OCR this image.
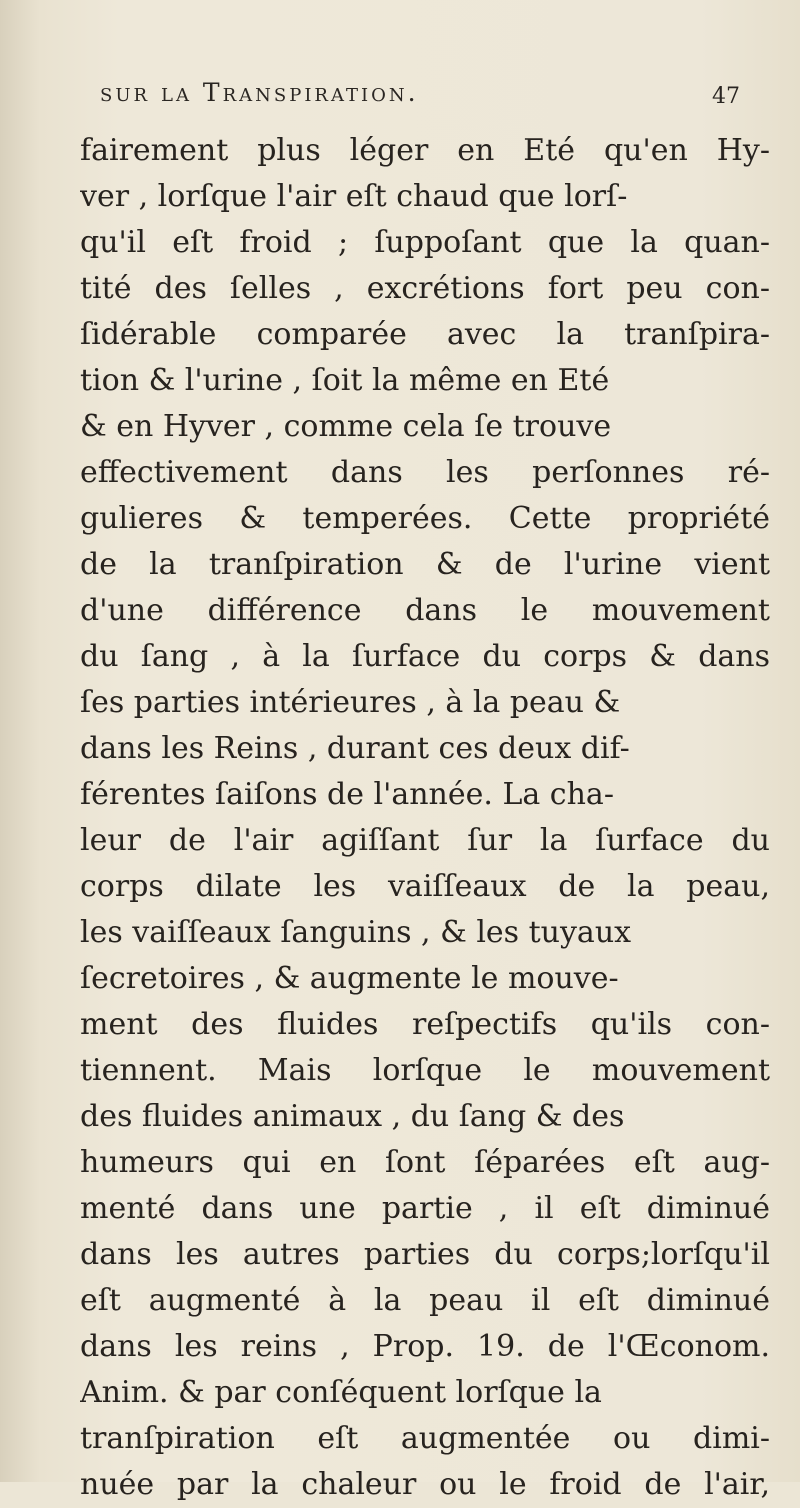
sur la Transpiration.	47
fairement plus léger en Eté qu'en Hy-
ver , lorſque l'air eſt chaud que lorſ-
qu'il eſt froid ; ſuppoſant que la quan-
tité des ſelles , excrétions fort peu con-
ſidérable comparée avec la tranſpira-
tion & l'urine , ſoit la même en Eté
& en Hyver , comme cela ſe trouve
effectivement dans les perſonnes ré-
gulieres & temperées. Cette propriété
de la tranſpiration & de l'urine vient
d'une différence dans le mouvement
du ſang , à la ſurface du corps & dans
ſes parties intérieures , à la peau &
dans les Reins , durant ces deux dif-
férentes ſaiſons de l'année. La cha-
leur de l'air agiſſant ſur la ſurface du
corps dilate les vaiſſeaux de la peau,
les vaiſſeaux ſanguins , & les tuyaux
ſecretoires , & augmente le mouve-
ment des fluides reſpectifs qu'ils con-
tiennent. Mais lorſque le mouvement
des fluides animaux , du ſang & des
humeurs qui en ſont ſéparées eſt aug-
menté dans une partie , il eſt diminué
dans les autres parties du corps;lorſqu'il
eſt augmenté à la peau il eſt diminué
dans les reins , Prop. 19. de l'Œconom.
Anim. & par conſéquent lorſque la
tranſpiration eſt augmentée ou dimi-
nuée par la chaleur ou le froid de l'air,
